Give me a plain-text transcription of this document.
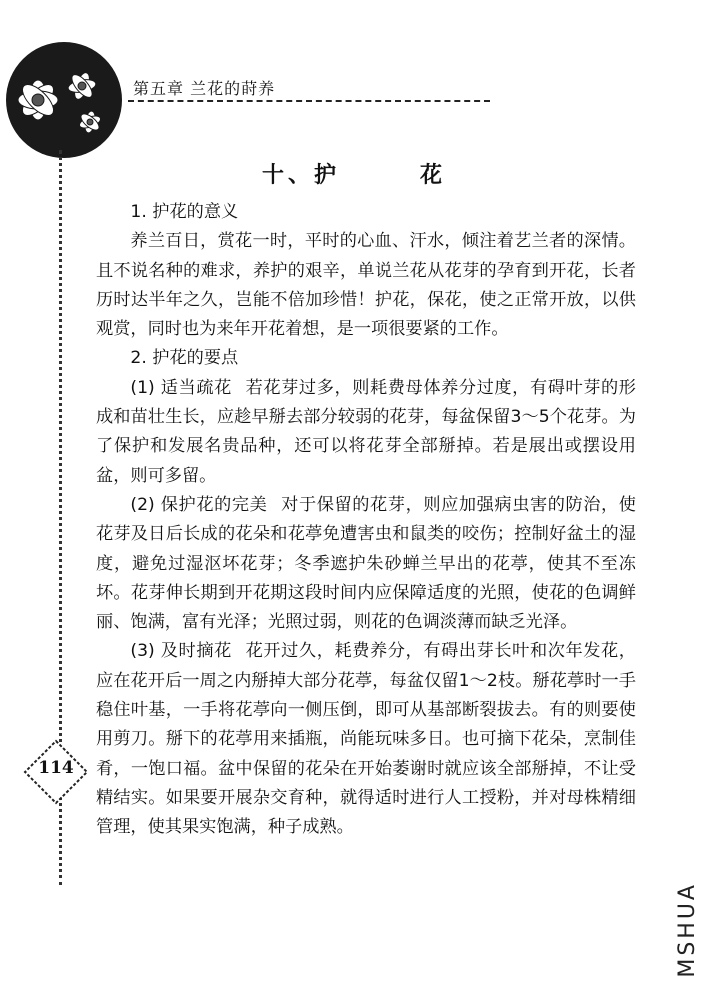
第五章 兰花的莳养
114
十、护	花

1. 护花的意义

养兰百日，赏花一时，平时的心血、汗水，倾注着艺兰者的深情。且不说名种的难求，养护的艰辛，单说兰花从花芽的孕育到开花，长者历时达半年之久，岂能不倍加珍惜！护花，保花，使之正常开放，以供观赏，同时也为来年开花着想，是一项很要紧的工作。

2. 护花的要点

(1) 适当疏花 若花芽过多，则耗费母体养分过度，有碍叶芽的形成和苗壮生长，应趁早掰去部分较弱的花芽，每盆保留3～5个花芽。为了保护和发展名贵品种，还可以将花芽全部掰掉。若是展出或摆设用盆，则可多留。

(2) 保护花的完美 对于保留的花芽，则应加强病虫害的防治，使花芽及日后长成的花朵和花葶免遭害虫和鼠类的咬伤；控制好盆土的湿度，避免过湿沤坏花芽；冬季遮护朱砂蝉兰早出的花葶，使其不至冻坏。花芽伸长期到开花期这段时间内应保障适度的光照，使花的色调鲜丽、饱满，富有光泽；光照过弱，则花的色调淡薄而缺乏光泽。

(3) 及时摘花 花开过久，耗费养分，有碍出芽长叶和次年发花，应在花开后一周之内掰掉大部分花葶，每盆仅留1～2枝。掰花葶时一手稳住叶基，一手将花葶向一侧压倒，即可从基部断裂拔去。有的则要使用剪刀。掰下的花葶用来插瓶，尚能玩味多日。也可摘下花朵，烹制佳肴，一饱口福。盆中保留的花朵在开始萎谢时就应该全部掰掉，不让受精结实。如果要开展杂交育种，就得适时进行人工授粉，并对母株精细管理，使其果实饱满，种子成熟。

MSHUA
